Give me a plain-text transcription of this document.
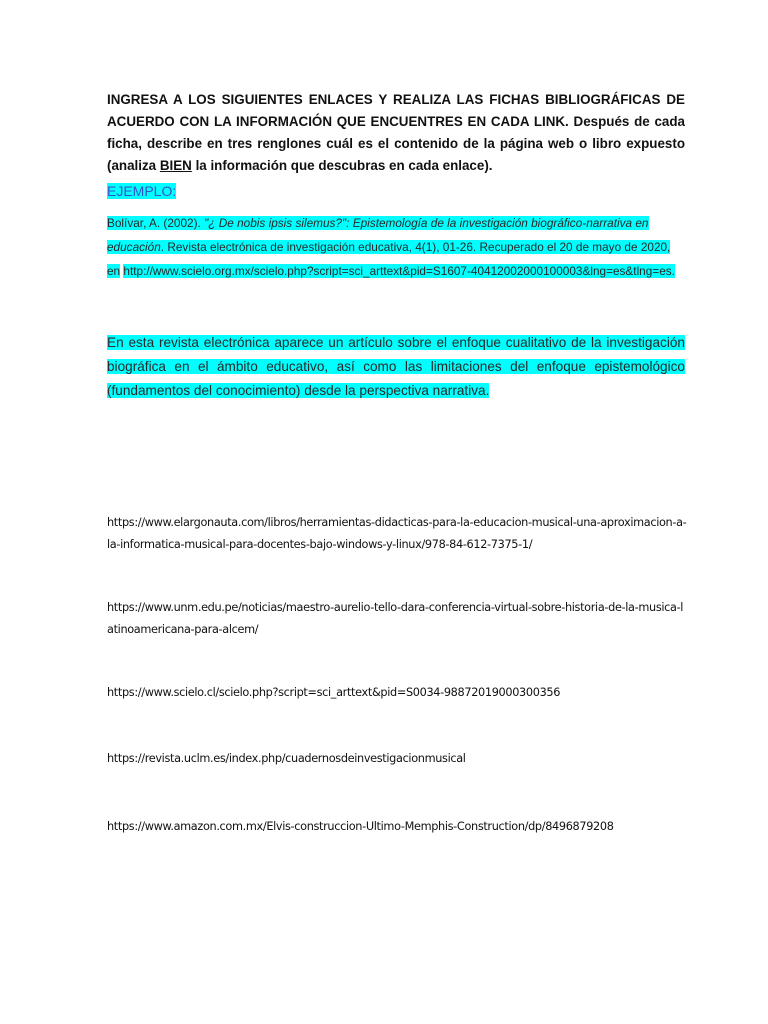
INGRESA A LOS SIGUIENTES ENLACES Y REALIZA LAS FICHAS BIBLIOGRÁFICAS DE ACUERDO CON LA INFORMACIÓN QUE ENCUENTRES EN CADA LINK. Después de cada ficha, describe en tres renglones cuál es el contenido de la página web o libro expuesto (analiza BIEN la información que descubras en cada enlace).

EJEMPLO:

Bolívar, A. (2002). "¿ De nobis ipsis silemus?": Epistemología de la investigación biográfico-narrativa en educación. Revista electrónica de investigación educativa, 4(1), 01-26. Recuperado el 20 de mayo de 2020, en http://www.scielo.org.mx/scielo.php?script=sci_arttext&pid=S1607-40412002000100003&lng=es&tlng=es.

En esta revista electrónica aparece un artículo sobre el enfoque cualitativo de la investigación biográfica en el ámbito educativo, así como las limitaciones del enfoque epistemológico (fundamentos del conocimiento) desde la perspectiva narrativa.

https://www.elargonauta.com/libros/herramientas-didacticas-para-la-educacion-musical-una-aproximacion-a-la-informatica-musical-para-docentes-bajo-windows-y-linux/978-84-612-7375-1/

https://www.unm.edu.pe/noticias/maestro-aurelio-tello-dara-conferencia-virtual-sobre-historia-de-la-musica-latinoamericana-para-alcem/

https://www.scielo.cl/scielo.php?script=sci_arttext&pid=S0034-98872019000300356

https://revista.uclm.es/index.php/cuadernosdeinvestigacionmusical

https://www.amazon.com.mx/Elvis-construccion-Ultimo-Memphis-Construction/dp/8496879208
